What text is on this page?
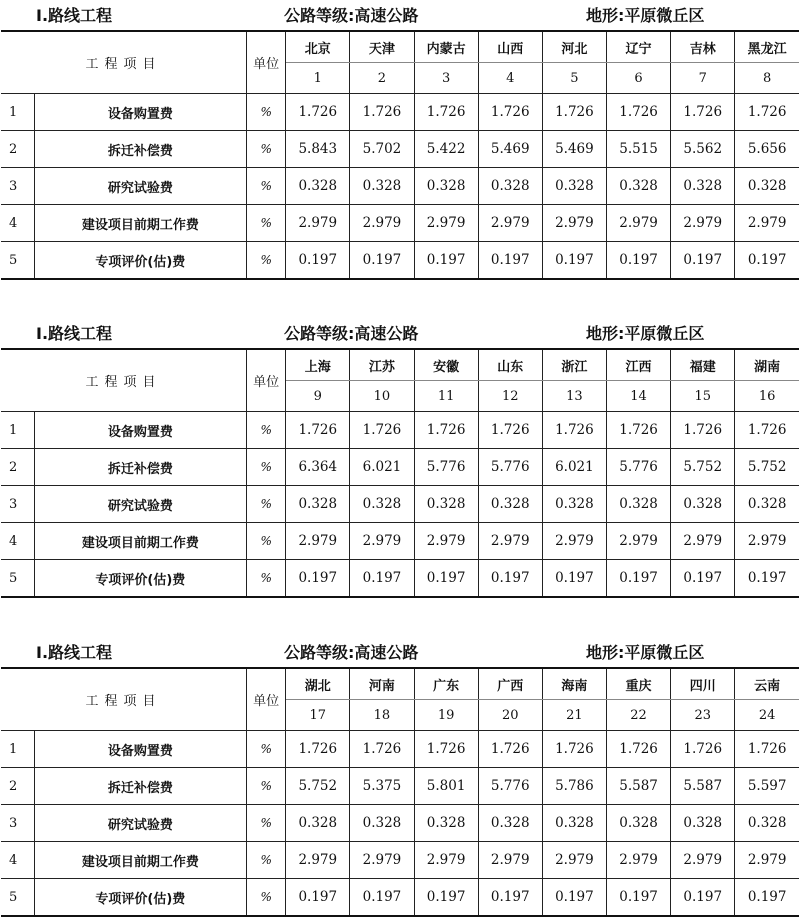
Ⅰ.路线工程	公路等级:高速公路	地形:平原微丘区
工程项目		单位	北京	天津	内蒙古	山西	河北	辽宁	吉林	黑龙江
			1	2	3	4	5	6	7	8
1	设备购置费	%	1.726	1.726	1.726	1.726	1.726	1.726	1.726	1.726
2	拆迁补偿费	%	5.843	5.702	5.422	5.469	5.469	5.515	5.562	5.656
3	研究试验费	%	0.328	0.328	0.328	0.328	0.328	0.328	0.328	0.328
4	建设项目前期工作费	%	2.979	2.979	2.979	2.979	2.979	2.979	2.979	2.979
5	专项评价(估)费	%	0.197	0.197	0.197	0.197	0.197	0.197	0.197	0.197
Ⅰ.路线工程	公路等级:高速公路	地形:平原微丘区
工程项目		单位	上海	江苏	安徽	山东	浙江	江西	福建	湖南
			9	10	11	12	13	14	15	16
1	设备购置费	%	1.726	1.726	1.726	1.726	1.726	1.726	1.726	1.726
2	拆迁补偿费	%	6.364	6.021	5.776	5.776	6.021	5.776	5.752	5.752
3	研究试验费	%	0.328	0.328	0.328	0.328	0.328	0.328	0.328	0.328
4	建设项目前期工作费	%	2.979	2.979	2.979	2.979	2.979	2.979	2.979	2.979
5	专项评价(估)费	%	0.197	0.197	0.197	0.197	0.197	0.197	0.197	0.197
Ⅰ.路线工程	公路等级:高速公路	地形:平原微丘区
工程项目		单位	湖北	河南	广东	广西	海南	重庆	四川	云南
			17	18	19	20	21	22	23	24
1	设备购置费	%	1.726	1.726	1.726	1.726	1.726	1.726	1.726	1.726
2	拆迁补偿费	%	5.752	5.375	5.801	5.776	5.786	5.587	5.587	5.597
3	研究试验费	%	0.328	0.328	0.328	0.328	0.328	0.328	0.328	0.328
4	建设项目前期工作费	%	2.979	2.979	2.979	2.979	2.979	2.979	2.979	2.979
5	专项评价(估)费	%	0.197	0.197	0.197	0.197	0.197	0.197	0.197	0.197
